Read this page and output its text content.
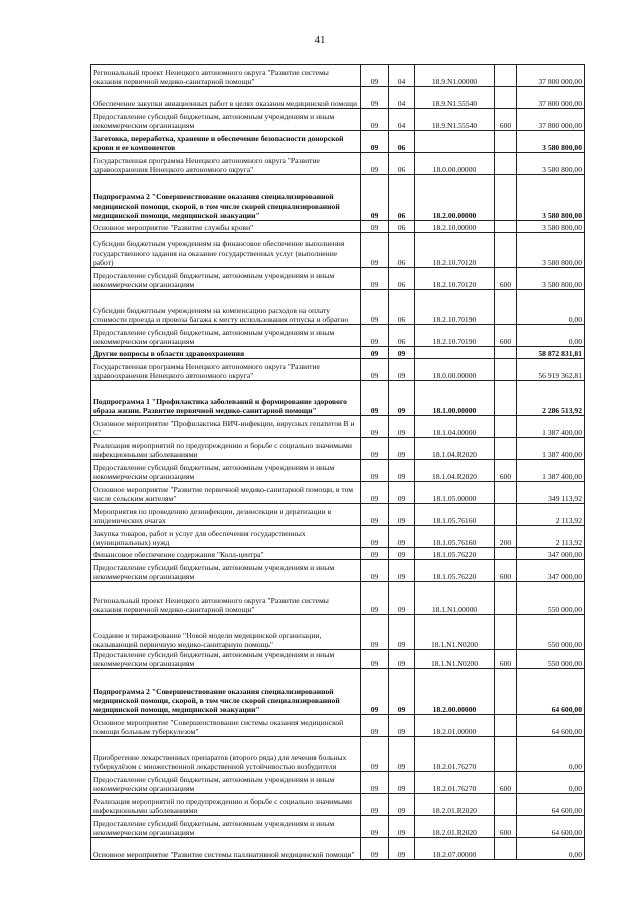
41
Региональный проект Ненецкого автономного округа "Развитие системы оказания первичной медико-санитарной помощи"	09	04	18.9.N1.00000		37 800 000,00
Обеспечение закупки авиационных работ в целях оказания медицинской помощи	09	04	18.9.N1.55540		37 800 000,00
Предоставление субсидий бюджетным, автономным учреждениям и иным некоммерческим организациям	09	04	18.9.N1.55540	600	37 800 000,00
Заготовка, переработка, хранение и обеспечение безопасности донорской крови и ее компонентов	09	06			3 580 800,00
Государственная программа Ненецкого автономного округа "Развитие здравоохранения Ненецкого автономного округа"	09	06	18.0.00.00000		3 580 800,00
Подпрограмма 2 "Совершенствование оказания специализированной медицинской помощи, скорой, в том числе скорой специализированной медицинской помощи, медицинской эвакуации"	09	06	18.2.00.00000		3 580 800,00
Основное мероприятие "Развитие службы крови"	09	06	18.2.10.00000		3 580 800,00
Субсидии бюджетным учреждениям на финансовое обеспечение выполнения государственного задания на оказание государственных услуг (выполнение работ)	09	06	18.2.10.70120		3 580 800,00
Предоставление субсидий бюджетным, автономным учреждениям и иным некоммерческим организациям	09	06	18.2.10.70120	600	3 580 800,00
Субсидии бюджетным учреждениям на компенсацию расходов на оплату стоимости проезда и провоза багажа к месту использования отпуска и обратно	09	06	18.2.10.70190		0,00
Предоставление субсидий бюджетным, автономным учреждениям и иным некоммерческим организациям	09	06	18.2.10.70190	600	0,00
Другие вопросы в области здравоохранения	09	09			58 872 831,81
Государственная программа Ненецкого автономного округа "Развитие здравоохранения Ненецкого автономного округа"	09	09	18.0.00.00000		56 919 362,81
Подпрограмма 1 "Профилактика заболеваний и формирование здорового образа жизни. Развитие первичной медико-санитарной помощи"	09	09	18.1.00.00000		2 286 513,92
Основное мероприятие "Профилактика ВИЧ-инфекции, вирусных гепатитов В и С"	09	09	18.1.04.00000		1 387 400,00
Реализация мероприятий по предупреждению и борьбе с социально значимыми инфекционными заболеваниями	09	09	18.1.04.R2020		1 387 400,00
Предоставление субсидий бюджетным, автономным учреждениям и иным некоммерческим организациям	09	09	18.1.04.R2020	600	1 387 400,00
Основное мероприятие "Развитие первичной медико-санитарной помощи, в том числе сельским жителям"	09	09	18.1.05.00000		349 113,92
Мероприятия по проведению дезинфекции, дезинсекции и дератизации в эпидемических очагах	09	09	18.1.05.76160		2 113,92
Закупка товаров, работ и услуг для обеспечения государственных (муниципальных) нужд	09	09	18.1.05.76160	200	2 113,92
Финансовое обеспечение содержания "Колл-центра"	09	09	18.1.05.76220		347 000,00
Предоставление субсидий бюджетным, автономным учреждениям и иным некоммерческим организациям	09	09	18.1.05.76220	600	347 000,00
Региональный проект Ненецкого автономного округа "Развитие системы оказания первичной медико-санитарной помощи"	09	09	18.1.N1.00000		550 000,00
Создание и тиражирование "Новой модели медицинской организации, оказывающей первичную медико-санитарную помощь"	09	09	18.1.N1.N0200		550 000,00
Предоставление субсидий бюджетным, автономным учреждениям и иным некоммерческим организациям	09	09	18.1.N1.N0200	600	550 000,00
Подпрограмма 2 "Совершенствование оказания специализированной медицинской помощи, скорой, в том числе скорой специализированной медицинской помощи, медицинской эвакуации"	09	09	18.2.00.00000		64 600,00
Основное мероприятие "Совершенствование системы оказания медицинской помощи больным туберкулезом"	09	09	18.2.01.00000		64 600,00
Приобретение лекарственных препаратов (второго ряда) для лечения больных туберкулёзом с множественной лекарственной устойчивостью возбудителя	09	09	18.2.01.76270		0,00
Предоставление субсидий бюджетным, автономным учреждениям и иным некоммерческим организациям	09	09	18.2.01.76270	600	0,00
Реализация мероприятий по предупреждению и борьбе с социально значимыми инфекционными заболеваниями	09	09	18.2.01.R2020		64 600,00
Предоставление субсидий бюджетным, автономным учреждениям и иным некоммерческим организациям	09	09	18.2.01.R2020	600	64 600,00
Основное мероприятие "Развитие системы паллиативной медицинской помощи"	09	09	18.2.07.00000		0,00
